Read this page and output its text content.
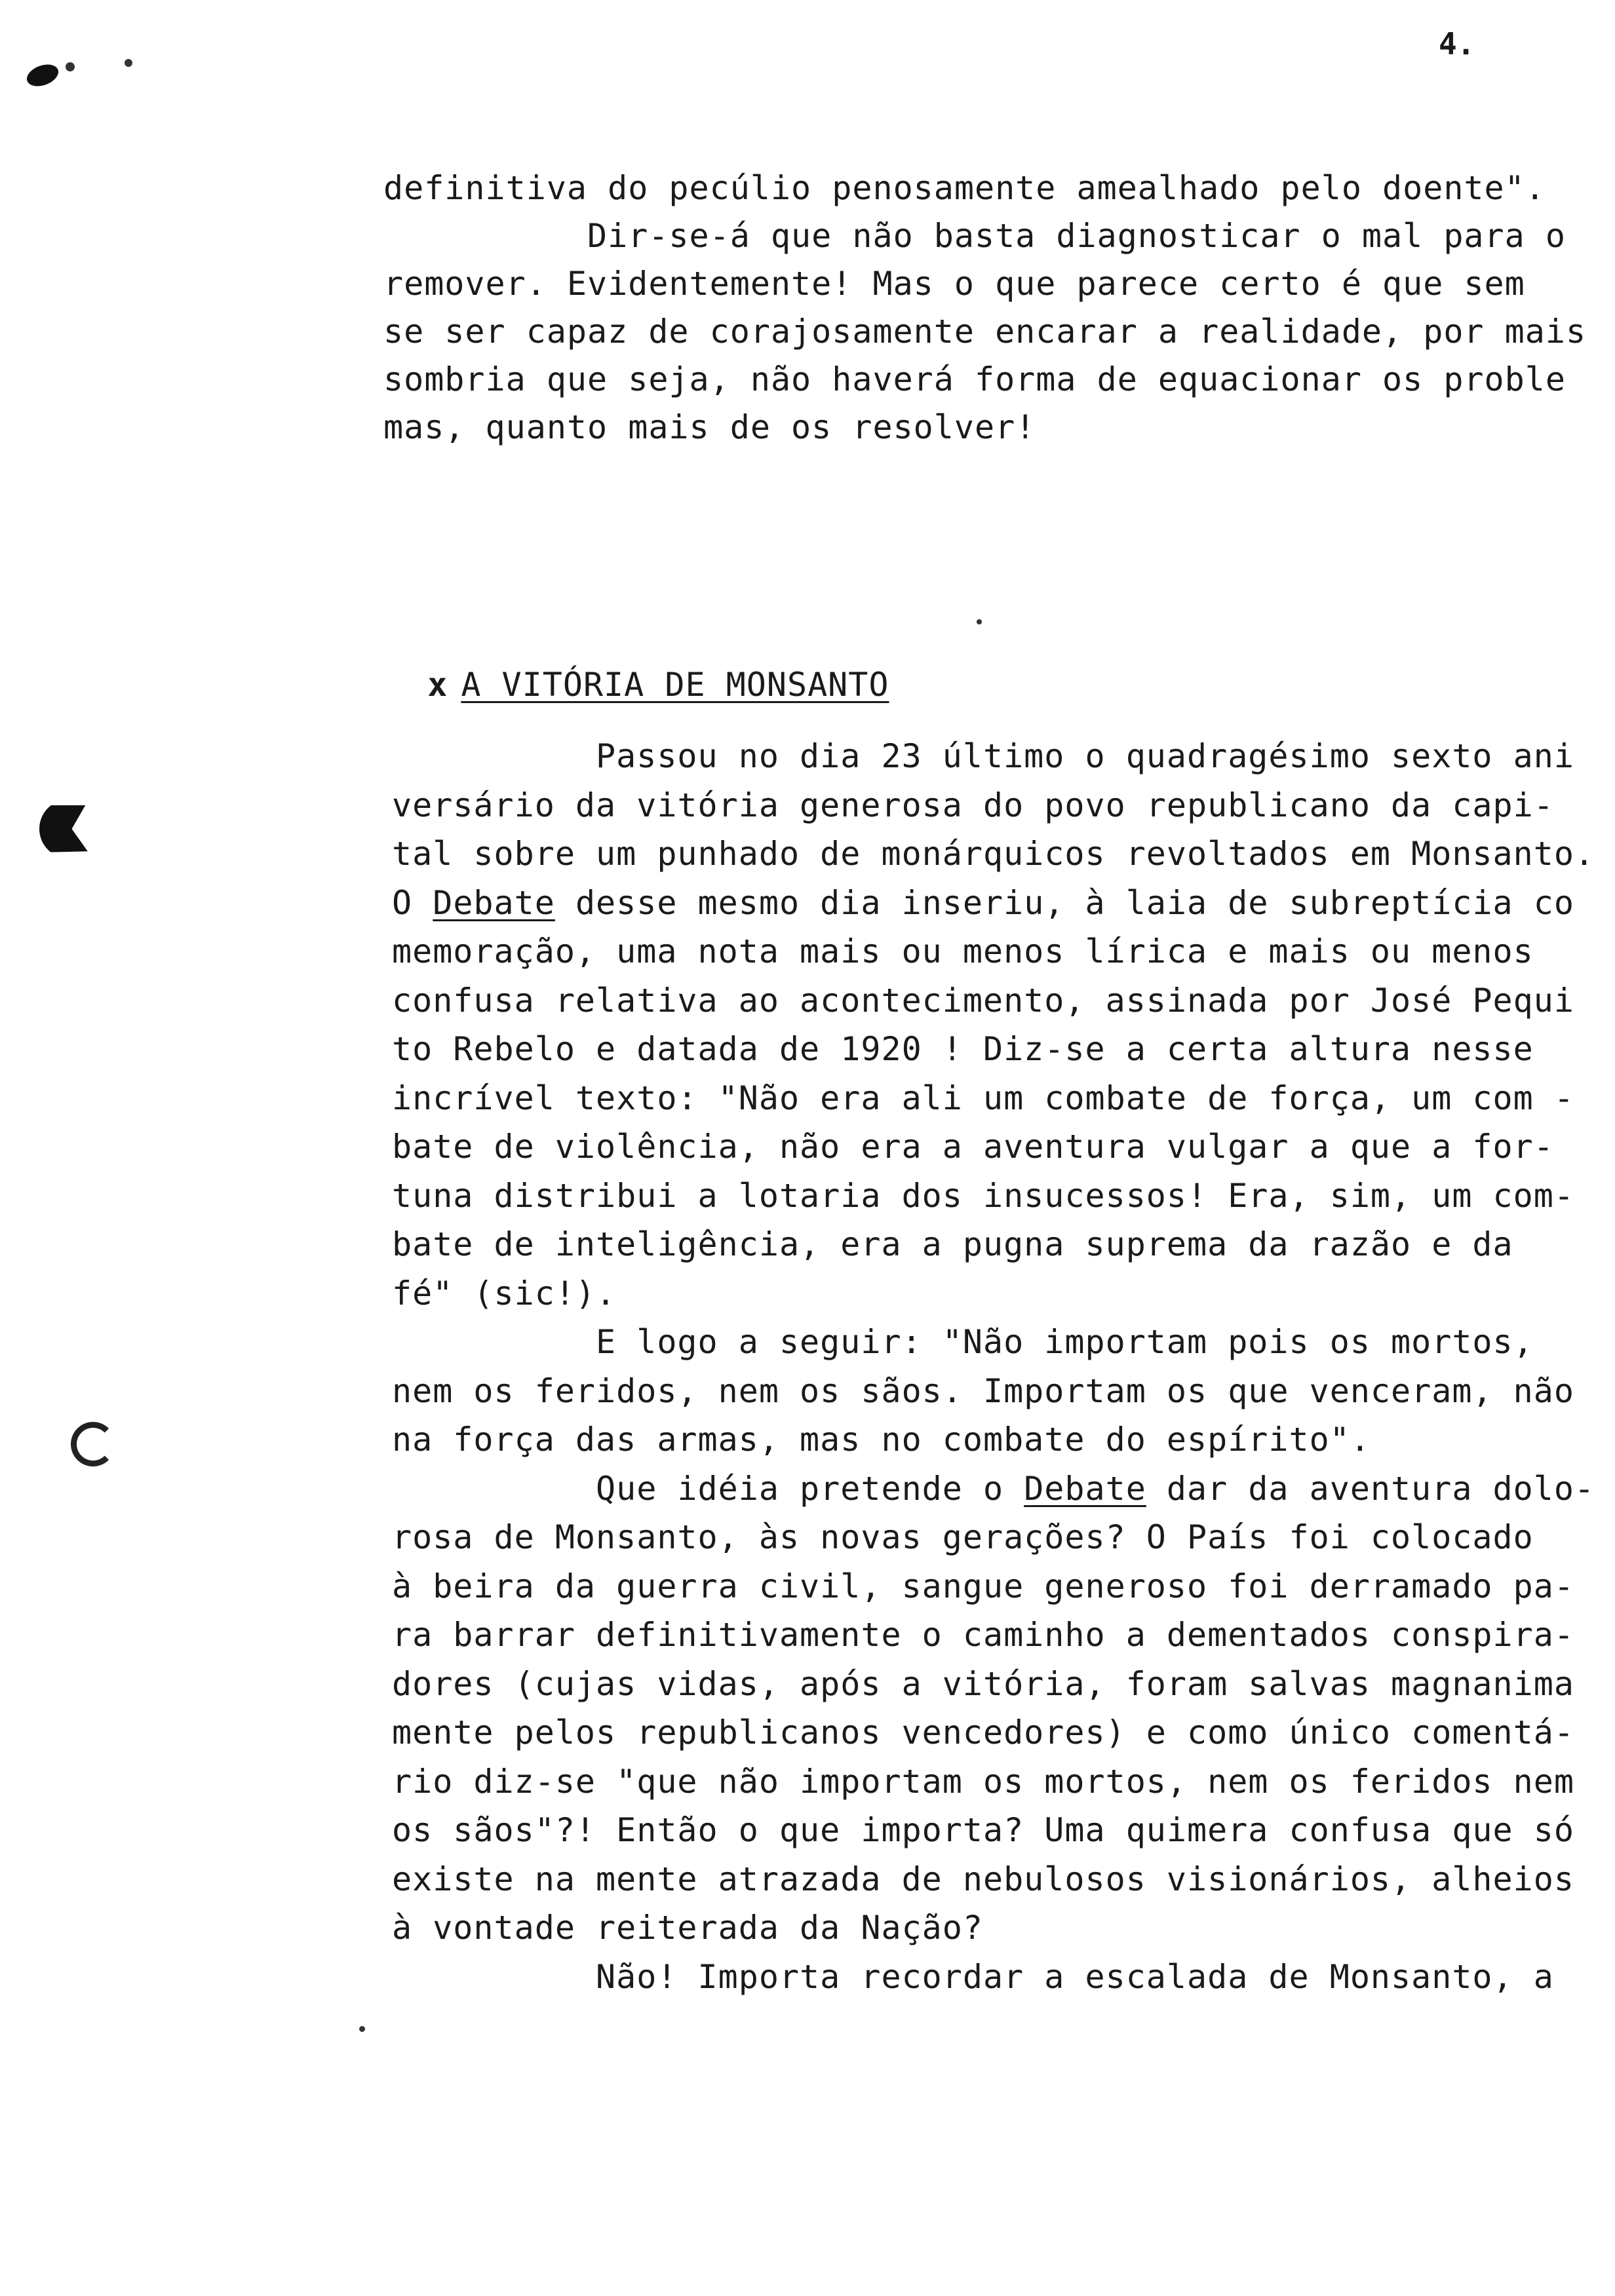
4.
definitiva do pecúlio penosamente amealhado pelo doente".
Dir-se-á que não basta diagnosticar o mal para o
remover. Evidentemente! Mas o que parece certo é que sem
se ser capaz de corajosamente encarar a realidade, por mais
sombria que seja, não haverá forma de equacionar os proble
mas, quanto mais de os resolver!

x A VITÓRIA DE MONSANTO

Passou no dia 23 último o quadragésimo sexto ani
versário da vitória generosa do povo republicano da capi-
tal sobre um punhado de monárquicos revoltados em Monsanto.
O Debate desse mesmo dia inseriu, à laia de subreptícia co
memoração, uma nota mais ou menos lírica e mais ou menos
confusa relativa ao acontecimento, assinada por José Pequi
to Rebelo e datada de 1920 ! Diz-se a certa altura nesse
incrível texto: "Não era ali um combate de força, um com -
bate de violência, não era a aventura vulgar a que a for-
tuna distribui a lotaria dos insucessos! Era, sim, um com-
bate de inteligência, era a pugna suprema da razão e da
fé" (sic!).
E logo a seguir: "Não importam pois os mortos,
nem os feridos, nem os sãos. Importam os que venceram, não
na força das armas, mas no combate do espírito".
Que idéia pretende o Debate dar da aventura dolo-
rosa de Monsanto, às novas gerações? O País foi colocado
à beira da guerra civil, sangue generoso foi derramado pa-
ra barrar definitivamente o caminho a dementados conspira-
dores (cujas vidas, após a vitória, foram salvas magnanima
mente pelos republicanos vencedores) e como único comentá-
rio diz-se "que não importam os mortos, nem os feridos nem
os sãos"?! Então o que importa? Uma quimera confusa que só
existe na mente atrazada de nebulosos visionários, alheios
à vontade reiterada da Nação?
Não! Importa recordar a escalada de Monsanto, a
